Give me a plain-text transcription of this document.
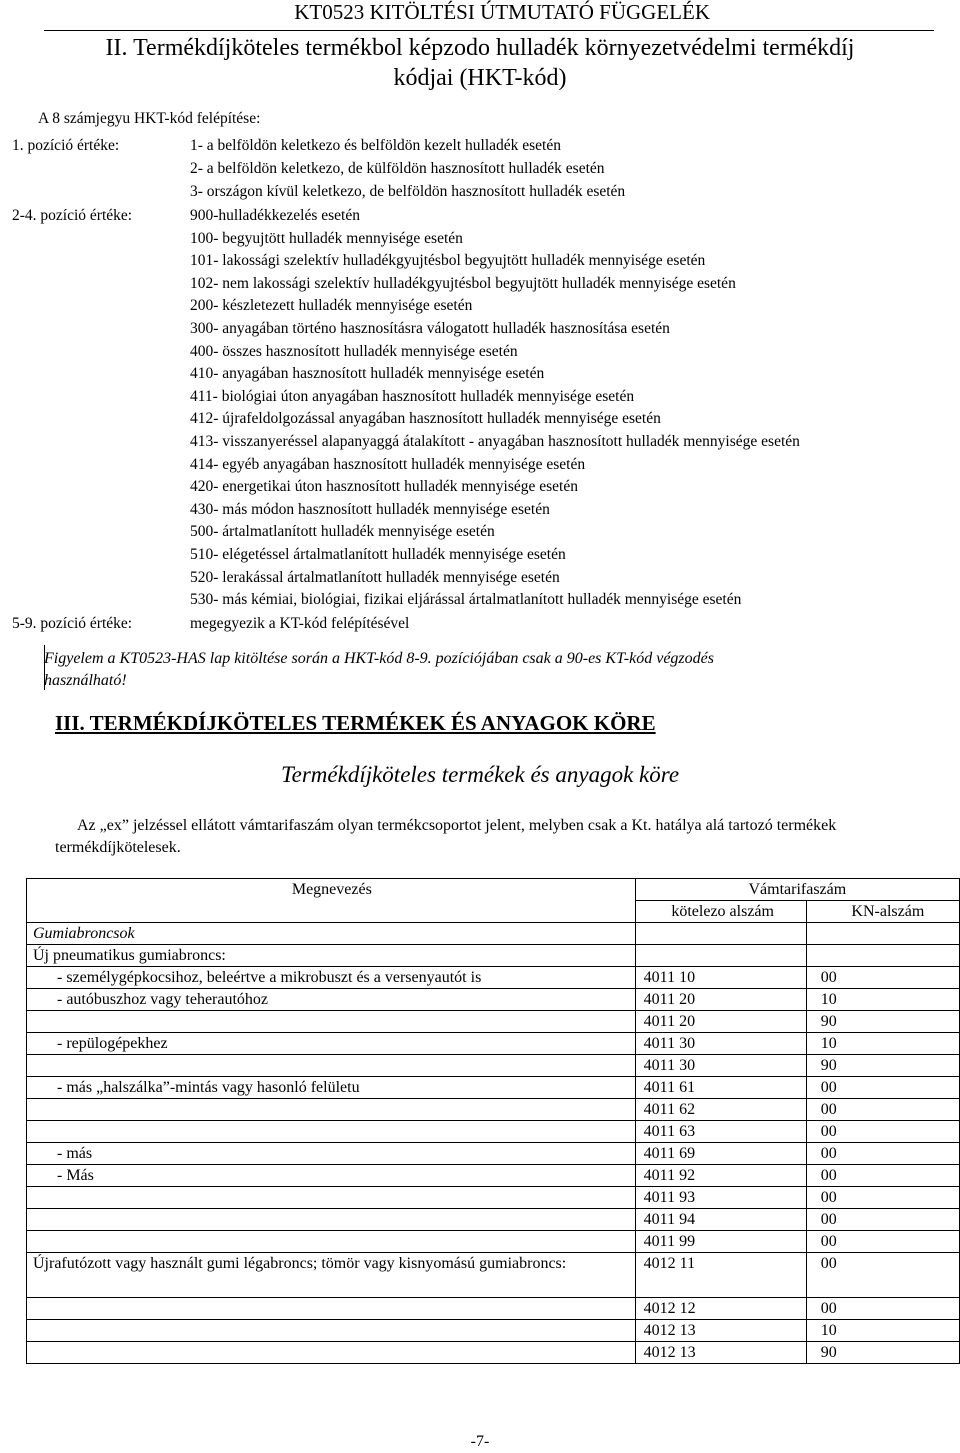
KT0523 KITÖLTÉSI ÚTMUTATÓ FÜGGELÉK
II. Termékdíjköteles termékbol képzodo hulladék környezetvédelmi termékdíj
kódjai (HKT-kód)
A 8 számjegyu HKT-kód felépítése:
1. pozíció értéke:	1- a belföldön keletkezo és belföldön kezelt hulladék esetén
2- a belföldön keletkezo, de külföldön hasznosított hulladék esetén
3- országon kívül keletkezo, de belföldön hasznosított hulladék esetén
2-4. pozíció értéke:	900-hulladékkezelés esetén
100- begyujtött hulladék mennyisége esetén
101- lakossági szelektív hulladékgyujtésbol begyujtött hulladék mennyisége esetén
102- nem lakossági szelektív hulladékgyujtésbol begyujtött hulladék mennyisége esetén
200- készletezett hulladék mennyisége esetén
300- anyagában történo hasznosításra válogatott hulladék hasznosítása esetén
400- összes hasznosított hulladék mennyisége esetén
410- anyagában hasznosított hulladék mennyisége esetén
411- biológiai úton anyagában hasznosított hulladék mennyisége esetén
412- újrafeldolgozással anyagában hasznosított hulladék mennyisége esetén
413- visszanyeréssel alapanyaggá átalakított - anyagában hasznosított hulladék mennyisége esetén
414- egyéb anyagában hasznosított hulladék mennyisége esetén
420- energetikai úton hasznosított hulladék mennyisége esetén
430- más módon hasznosított hulladék mennyisége esetén
500- ártalmatlanított hulladék mennyisége esetén
510- elégetéssel ártalmatlanított hulladék mennyisége esetén
520- lerakással ártalmatlanított hulladék mennyisége esetén
530- más kémiai, biológiai, fizikai eljárással ártalmatlanított hulladék mennyisége esetén
5-9. pozíció értéke:	megegyezik a KT-kód felépítésével
Figyelem a KT0523-HAS lap kitöltése során a HKT-kód 8-9. pozíciójában csak a 90-es KT-kód végzodés
használható!
III. TERMÉKDÍJKÖTELES TERMÉKEK ÉS ANYAGOK KÖRE
Termékdíjköteles termékek és anyagok köre
Az „ex” jelzéssel ellátott vámtarifaszám olyan termékcsoportot jelent, melyben csak a Kt. hatálya alá tartozó termékek termékdíjkötelesek.
Megnevezés	Vámtarifaszám	
	kötelezo alszám	KN-alszám
Gumiabroncsok		
Új pneumatikus gumiabroncs:		
- személygépkocsihoz, beleértve a mikrobuszt és a versenyautót is	4011 10	00
- autóbuszhoz vagy teherautóhoz	4011 20	10
	4011 20	90
- repülogépekhez	4011 30	10
	4011 30	90
- más „halszálka”-mintás vagy hasonló felületu	4011 61	00
	4011 62	00
	4011 63	00
- más	4011 69	00
- Más	4011 92	00
	4011 93	00
	4011 94	00
	4011 99	00
Újrafutózott vagy használt gumi légabroncs; tömör vagy kisnyomású gumiabroncs:	4012 11	00
	4012 12	00
	4012 13	10
	4012 13	90
-7-
